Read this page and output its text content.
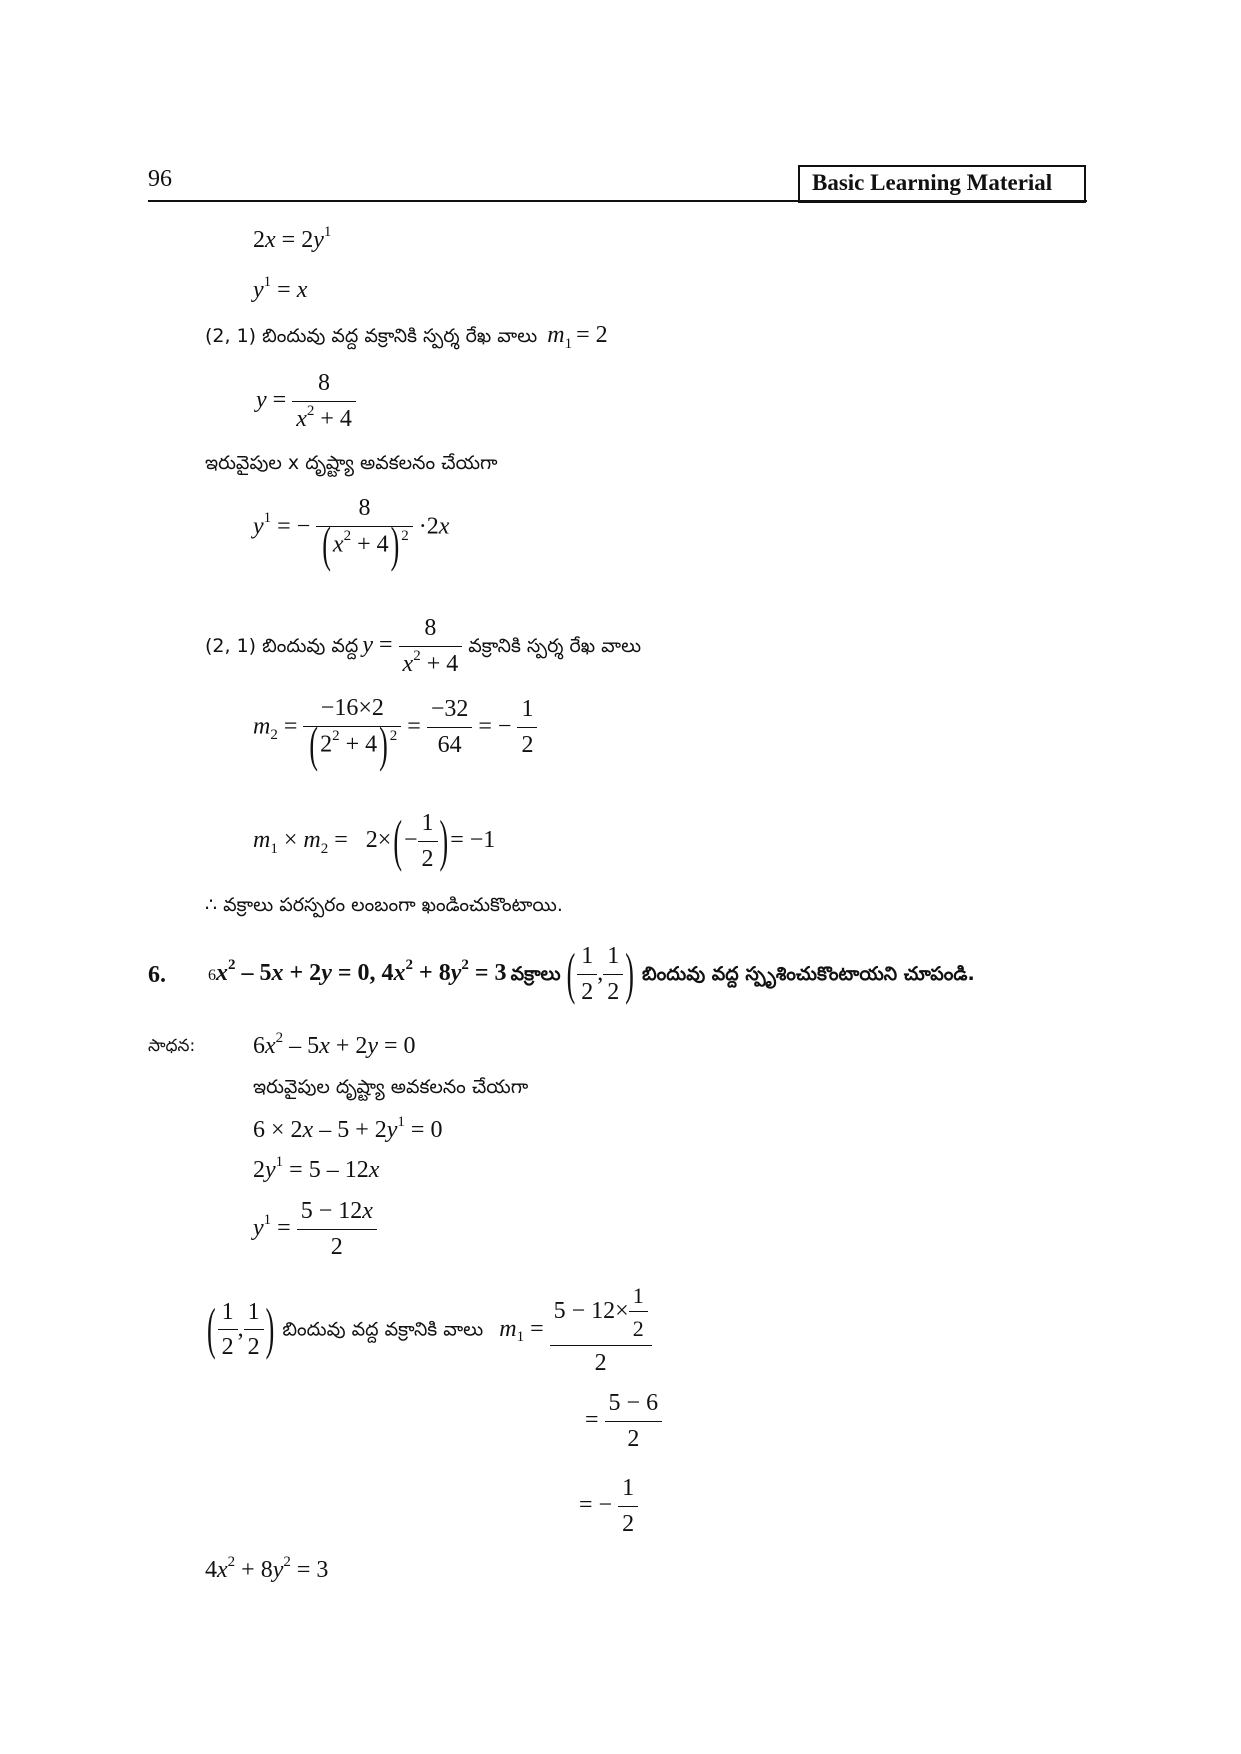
96	Basic Learning Material
$2x = 2y^1$
$y^1 = x$
(2, 1) బిందువు వద్ద వక్రానికి స్పర్శ రేఖ వాలు $m_1 = 2$
$y = \frac{8}{x^2 + 4}$
ఇరువైపుల x దృష్ట్యా అవకలనం చేయగా
$y^1$ = − $\frac{8}{(x^2 + 4) ^2} \cdot 2x$
(2, 1) బిందువు వద్ద $y = \frac{8}{x^2 + 4}$ వక్రానికి స్పర్శ రేఖ వాలు
$m_2 = \frac{-16\times 2}{(2^2 + 4) ^2} = \frac{-32}{64}$ = − $\frac{1}{2}$
$m_1 \times m_2 = 2\times(- \frac{1}{2}$ )= −1
∴ వక్రాలు పరస్పరం లంబంగా ఖండించుకొంటాయి.
6.	$6x^2 - 5x + 2y = 0$, $4x^2 + 8y^2 = 3$ వక్రాలు ( $\frac{1}{2}$ , $\frac{1}{2}$ ) బిందువు వద్ద స్పృశించుకొంటాయని చూపండి.
సాధన: $6x^2 - 5x + 2y = 0$
ఇరువైపుల దృష్ట్యా అవకలనం చేయగా
$6 \times 2x - 5 + 2y^1 = 0$
$2y^1 = 5 - 12x$
$y^1 = \frac{5 - 12x}{2}$
( $\frac{1}{2}$ , $\frac{1}{2}$ ) బిందువు వద్ద వక్రానికి వాలు $m_1 = \frac{5 - 12\times \frac{1}{2}}{2}$
= $\frac{5 - 6}{2}$
= − $\frac{1}{2}$
$4x^2 + 8y^2 = 3$
